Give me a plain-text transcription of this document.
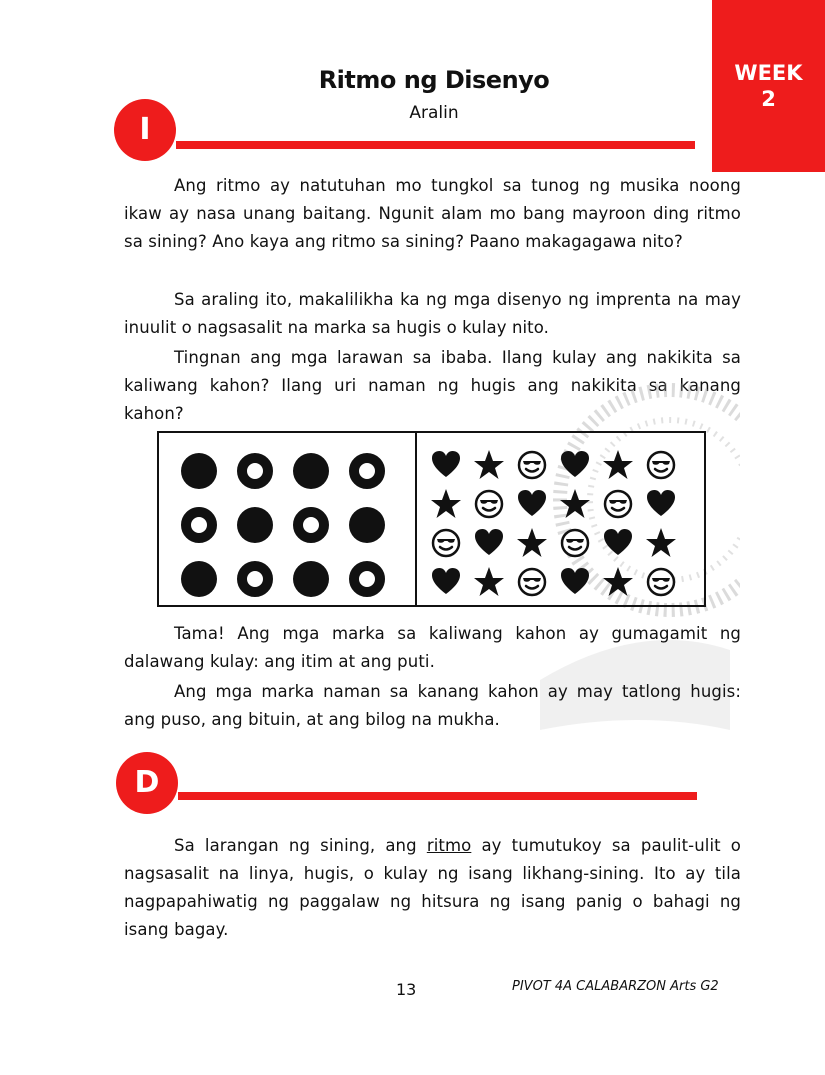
WEEK
2
Ritmo ng Disenyo
Aralin
I

Ang ritmo ay natutuhan mo tungkol sa tunog ng musika noong ikaw ay nasa unang baitang. Ngunit alam mo bang mayroon ding ritmo sa sining? Ano kaya ang ritmo sa sining? Paano makagagawa nito?

Sa araling ito, makalilikha ka ng mga disenyo ng imprenta na may inuulit o nagsasalit na marka sa hugis o kulay nito.

Tingnan ang mga larawan sa ibaba. Ilang kulay ang nakikita sa kaliwang kahon? Ilang uri naman ng hugis ang nakikita sa kanang kahon?

Tama! Ang mga marka sa kaliwang kahon ay gumagamit ng dalawang kulay: ang itim at ang puti.

Ang mga marka naman sa kanang kahon ay may tatlong hugis: ang puso, ang bituin, at ang bilog na mukha.

D

Sa larangan ng sining, ang ritmo ay tumutukoy sa paulit-ulit o nagsasalit na linya, hugis, o kulay ng isang likhang-sining. Ito ay tila nagpapahiwatig ng paggalaw ng hitsura ng isang panig o bahagi ng isang bagay.

13	PIVOT 4A CALABARZON Arts G2
